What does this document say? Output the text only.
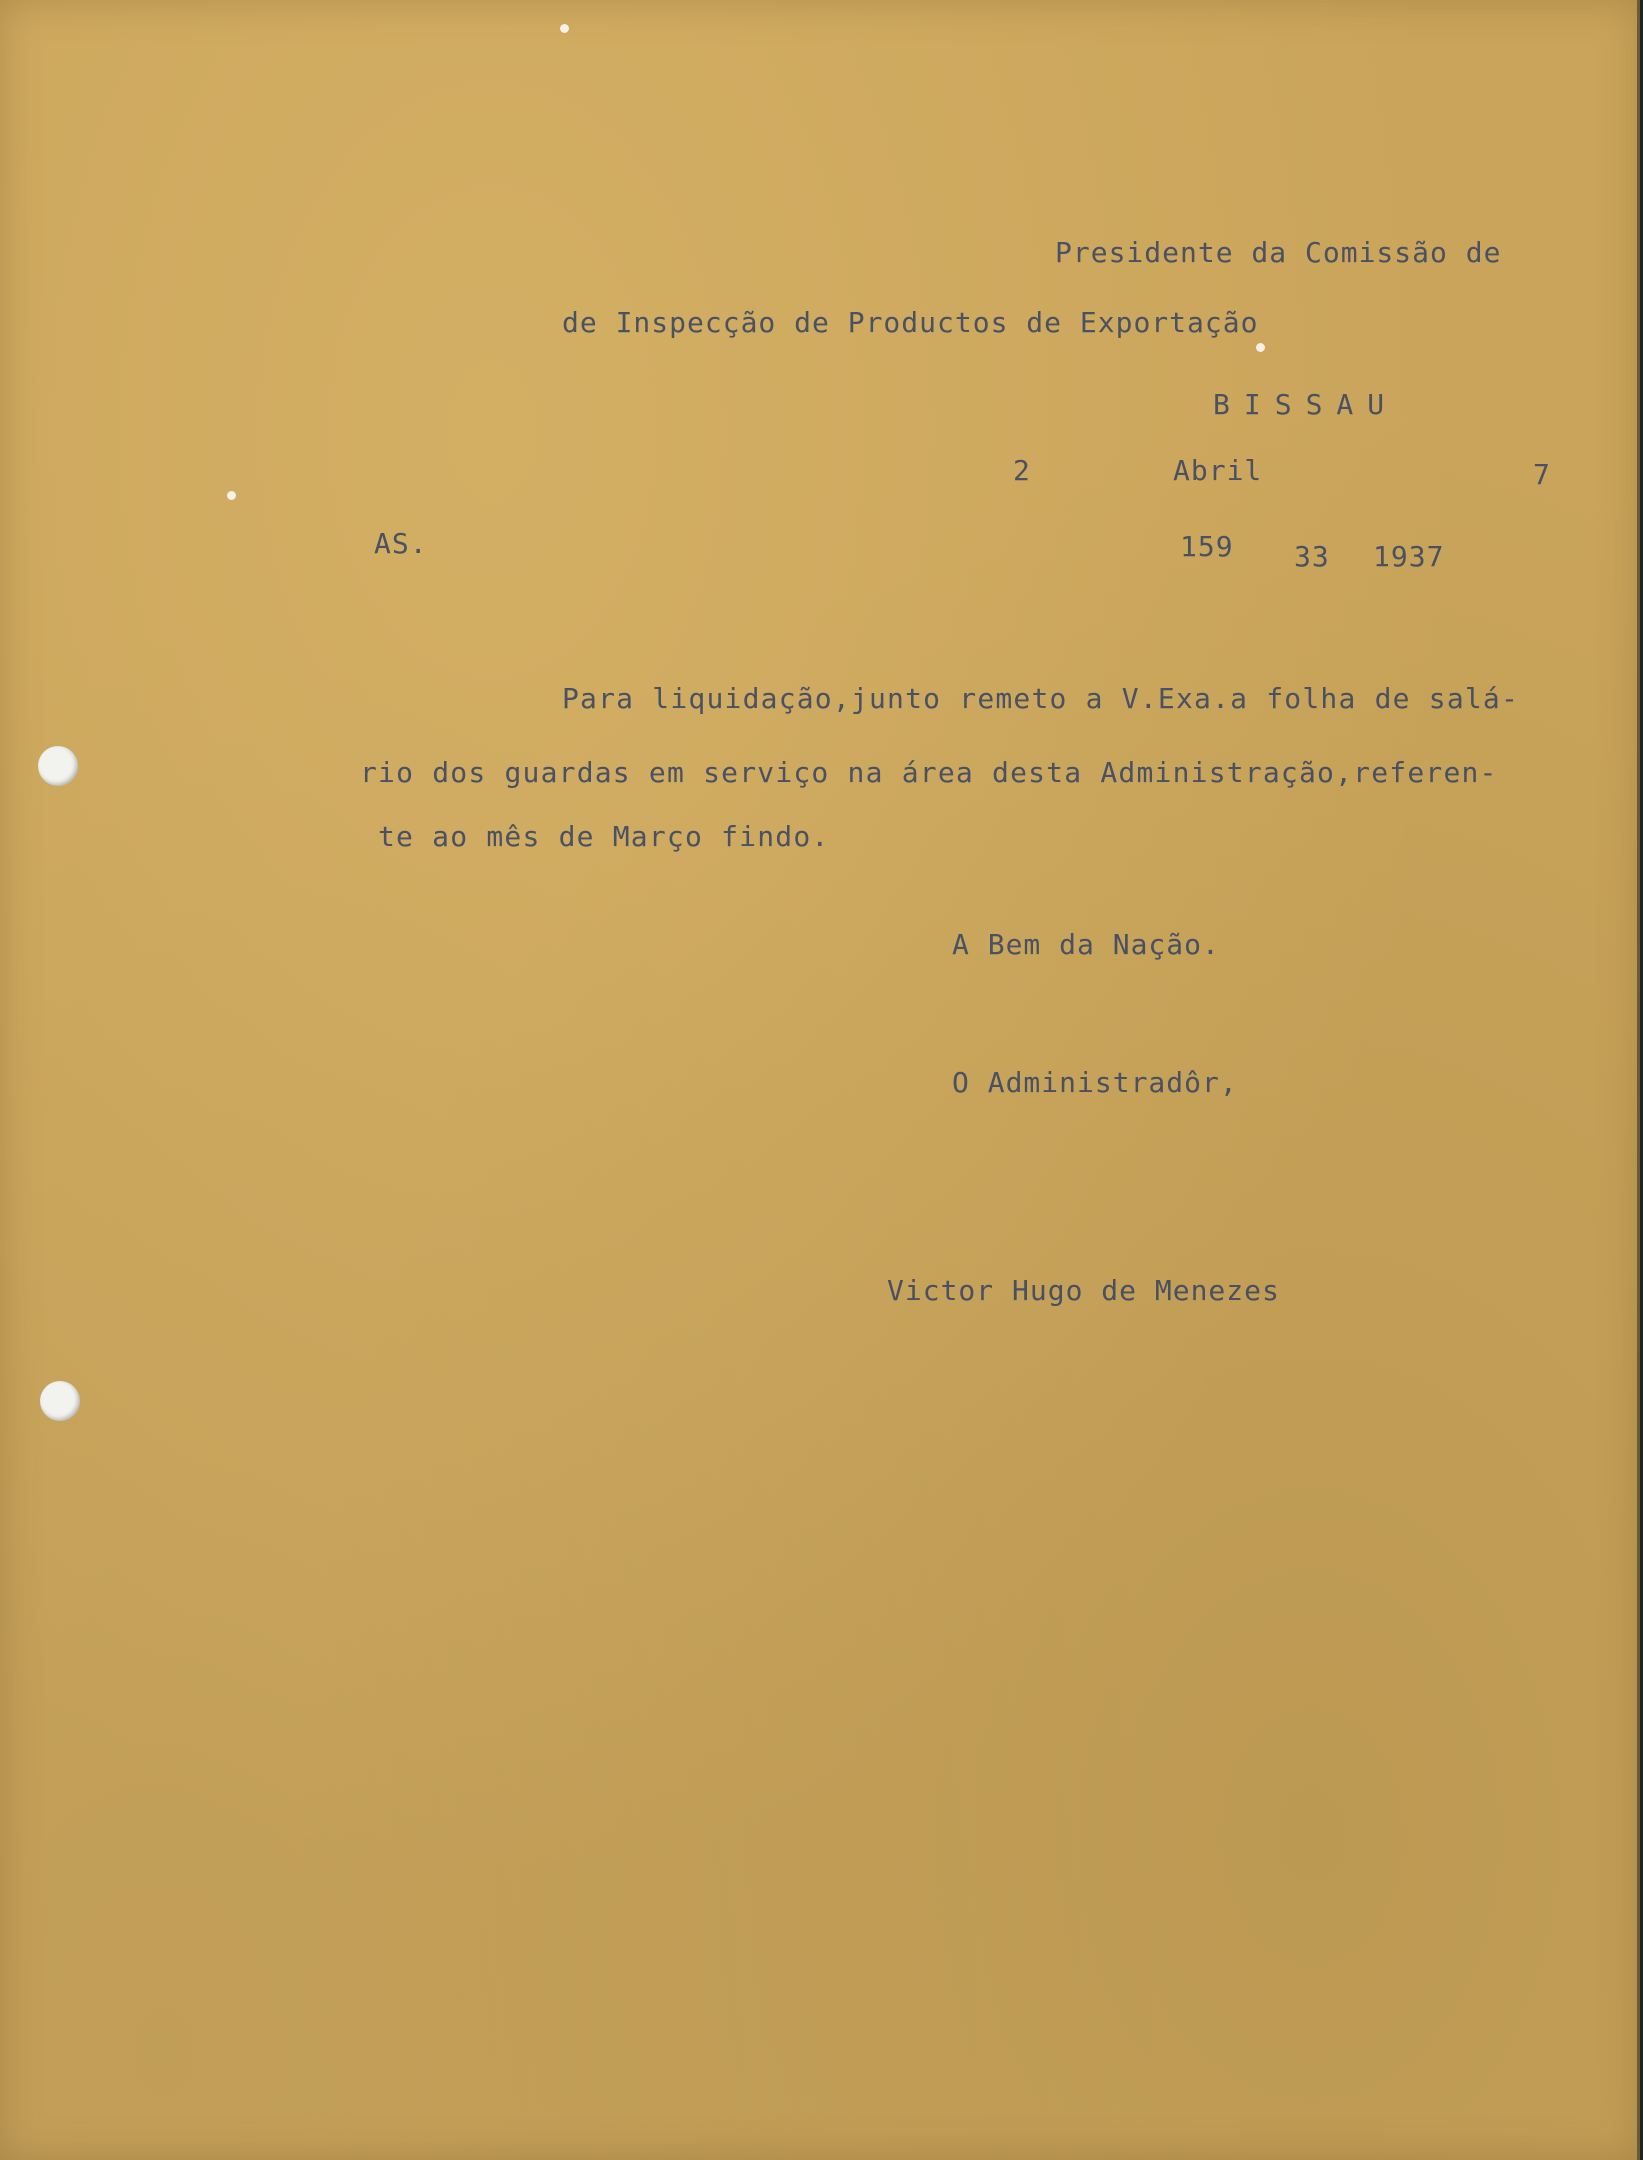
Presidente da Comissão de
de Inspecção de Productos de Exportação
BISSAU
2	Abril	7
AS.	159 33 1937
Para liquidação,junto remeto a V.Exa.a folha de salá-
rio dos guardas em serviço na área desta Administração,referen-
te ao mês de Março findo.
A Bem da Nação.
O Administradôr,
Victor Hugo de Menezes
